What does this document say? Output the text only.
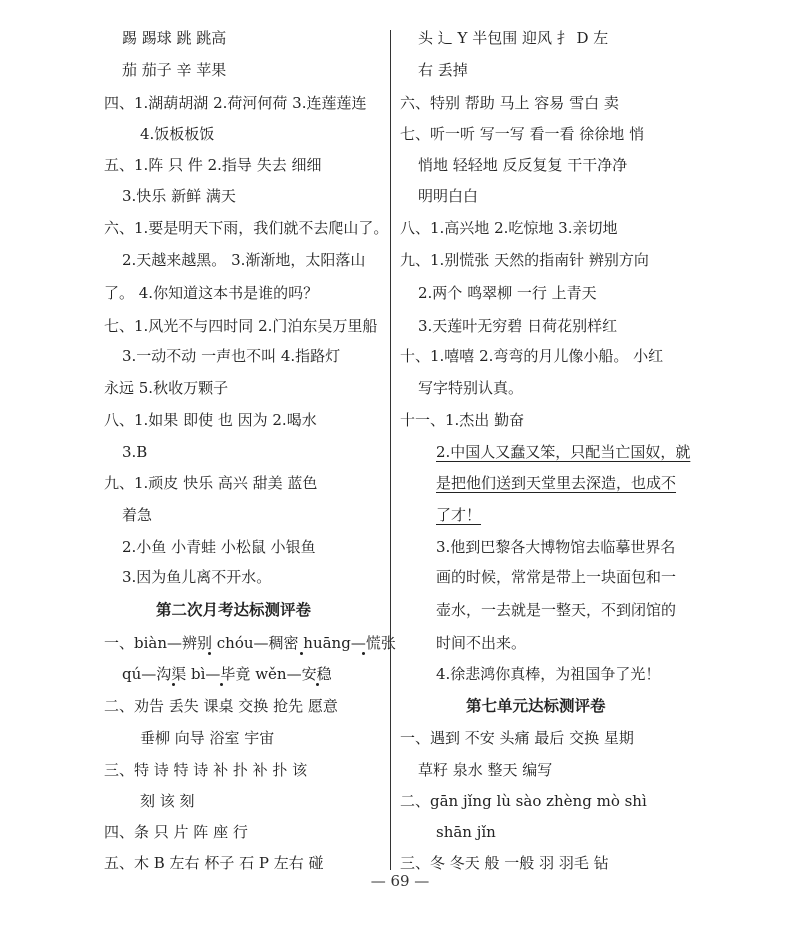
踢 踢球 跳 跳高
茄 茄子 辛 苹果
四、1.湖葫胡湖 2.荷河何荷 3.连莲莲连
4.饭板板饭
五、1.阵 只 件 2.指导 失去 细细
3.快乐 新鲜 满天
六、1.要是明天下雨，我们就不去爬山了。
2.天越来越黑。 3.渐渐地，太阳落山
了。 4.你知道这本书是谁的吗？
七、1.风光不与四时同 2.门泊东吴万里船
3.一动不动 一声也不叫 4.指路灯
永远 5.秋收万颗子
八、1.如果 即使 也 因为 2.喝水
3.B
九、1.顽皮 快乐 高兴 甜美 蓝色
着急
2.小鱼 小青蛙 小松鼠 小银鱼
3.因为鱼儿离不开水。
第二次月考达标测评卷
一、biàn—辨别 chóu—稠密 huāng—慌张
qú—沟渠 bì—毕竟 wěn—安稳
二、劝告 丢失 课桌 交换 抢先 愿意
垂柳 向导 浴室 宇宙
三、特 诗 特 诗 补 扑 补 扑 该
刻 该 刻
四、条 只 片 阵 座 行
五、木 B 左右 杯子 石 P 左右 碰
头 辶 Y 半包围 迎风 扌 D 左
右 丢掉
六、特别 帮助 马上 容易 雪白 卖
七、听一听 写一写 看一看 徐徐地 悄
悄地 轻轻地 反反复复 干干净净
明明白白
八、1.高兴地 2.吃惊地 3.亲切地
九、1.别慌张 天然的指南针 辨别方向
2.两个 鸣翠柳 一行 上青天
3.天莲叶无穷碧 日荷花别样红
十、1.嘻嘻 2.弯弯的月儿像小船。 小红
写字特别认真。
十一、1.杰出 勤奋
2.中国人又蠢又笨，只配当亡国奴，就
是把他们送到天堂里去深造，也成不
了才！
3.他到巴黎各大博物馆去临摹世界名
画的时候，常常是带上一块面包和一
壶水，一去就是一整天，不到闭馆的
时间不出来。
4.徐悲鸿你真棒，为祖国争了光！
第七单元达标测评卷
一、遇到 不安 头痛 最后 交换 星期
草籽 泉水 整天 编写
二、gān jǐng lù sào zhèng mò shì
shān jǐn
三、冬 冬天 般 一般 羽 羽毛 钻
— 69 —
